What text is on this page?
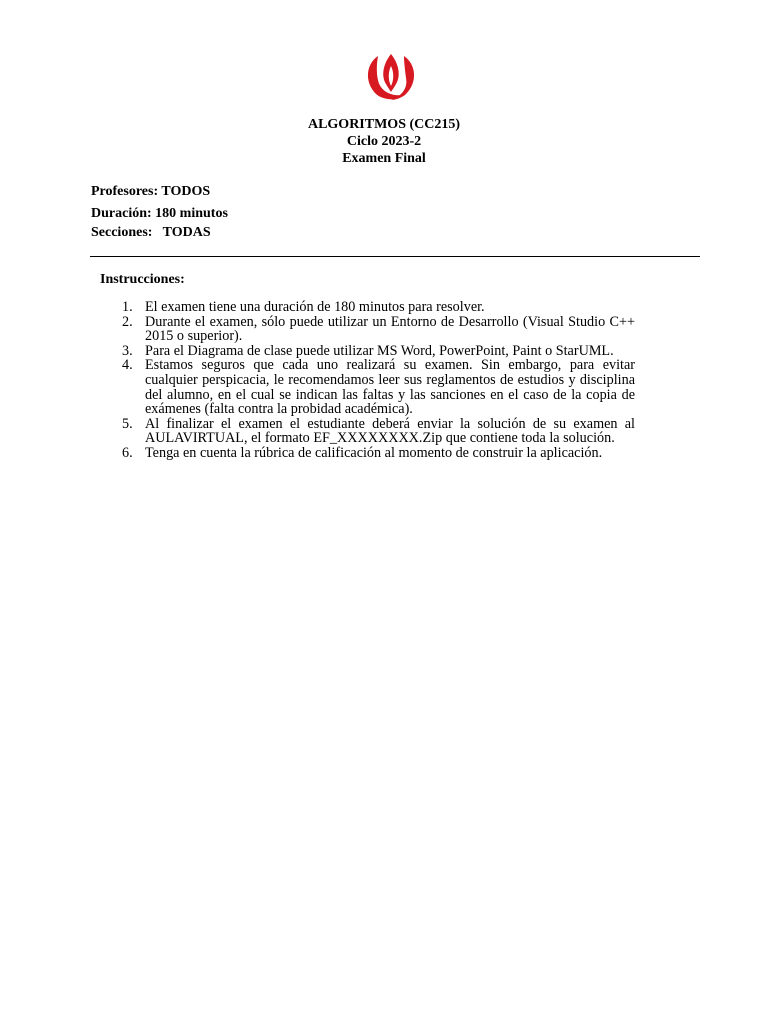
ALGORITMOS (CC215)
Ciclo 2023-2
Examen Final
Profesores: TODOS
Duración: 180 minutos
Secciones:   TODAS
Instrucciones:
1. El examen tiene una duración de 180 minutos para resolver.
2. Durante el examen, sólo puede utilizar un Entorno de Desarrollo (Visual Studio C++ 2015 o superior).
3. Para el Diagrama de clase puede utilizar MS Word, PowerPoint, Paint o StarUML.
4. Estamos seguros que cada uno realizará su examen. Sin embargo, para evitar cualquier perspicacia, le recomendamos leer sus reglamentos de estudios y disciplina del alumno, en el cual se indican las faltas y las sanciones en el caso de la copia de exámenes (falta contra la probidad académica).
5. Al finalizar el examen el estudiante deberá enviar la solución de su examen al AULAVIRTUAL, el formato EF_XXXXXXXX.Zip que contiene toda la solución.
6. Tenga en cuenta la rúbrica de calificación al momento de construir la aplicación.
